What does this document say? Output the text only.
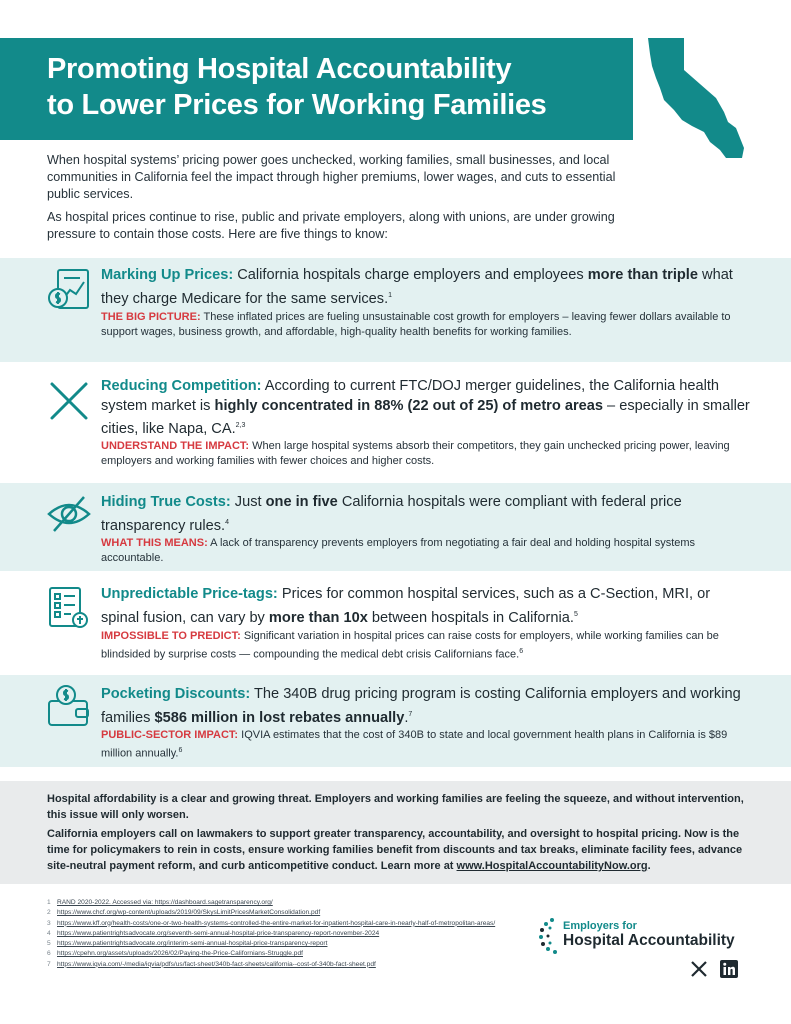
Promoting Hospital Accountability
to Lower Prices for Working Families

When hospital systems’ pricing power goes unchecked, working families, small businesses, and local communities in California feel the impact through higher premiums, lower wages, and cuts to essential public services.

As hospital prices continue to rise, public and private employers, along with unions, are under growing pressure to contain those costs. Here are five things to know:

Marking Up Prices: California hospitals charge employers and employees more than triple what they charge Medicare for the same services.$^1$
THE BIG PICTURE: These inflated prices are fueling unsustainable cost growth for employers – leaving fewer dollars available to support wages, business growth, and affordable, high-quality health benefits for working families.
Reducing Competition: According to current FTC/DOJ merger guidelines, the California health system market is highly concentrated in 88% (22 out of 25) of metro areas – especially in smaller cities, like Napa, CA.$^{2,3}$
UNDERSTAND THE IMPACT: When large hospital systems absorb their competitors, they gain unchecked pricing power, leaving employers and working families with fewer choices and higher costs.
Hiding True Costs: Just one in five California hospitals were compliant with federal price transparency rules.$^4$
WHAT THIS MEANS: A lack of transparency prevents employers from negotiating a fair deal and holding hospital systems accountable.
Unpredictable Price-tags: Prices for common hospital services, such as a C-Section, MRI, or spinal fusion, can vary by more than 10x between hospitals in California.$^5$
IMPOSSIBLE TO PREDICT: Significant variation in hospital prices can raise costs for employers, while working families can be blindsided by surprise costs — compounding the medical debt crisis Californians face.$^6$
Pocketing Discounts: The 340B drug pricing program is costing California employers and working families $586 million in lost rebates annually.$^7$
PUBLIC-SECTOR IMPACT: IQVIA estimates that the cost of 340B to state and local government health plans in California is $89 million annually.$^6$

Hospital affordability is a clear and growing threat. Employers and working families are feeling the squeeze, and without intervention, this issue will only worsen.

California employers call on lawmakers to support greater transparency, accountability, and oversight to hospital pricing. Now is the time for policymakers to rein in costs, ensure working families benefit from discounts and tax breaks, eliminate facility fees, advance site-neutral payment reform, and curb anticompetitive conduct. Learn more at www.HospitalAccountabilityNow.org.

1 RAND 2020-2022. Accessed via: https://dashboard.sagetransparency.org/
2 https://www.chcf.org/wp-content/uploads/2019/09/SkysLimitPricesMarketConsolidation.pdf
3 https://www.kff.org/health-costs/one-or-two-health-systems-controlled-the-entire-market-for-inpatient-hospital-care-in-nearly-half-of-metropolitan-areas/
4 https://www.patientrightsadvocate.org/seventh-semi-annual-hospital-price-transparency-report-november-2024
5 https://www.patientrightsadvocate.org/interim-semi-annual-hospital-price-transparency-report
6 https://cpehn.org/assets/uploads/2026/02/Paying-the-Price-Californians-Struggle.pdf
7 https://www.iqvia.com/-/media/iqvia/pdfs/us/fact-sheet/340b-fact-sheets/california--cost-of-340b-fact-sheet.pdf
Employers for
Hospital Accountability
